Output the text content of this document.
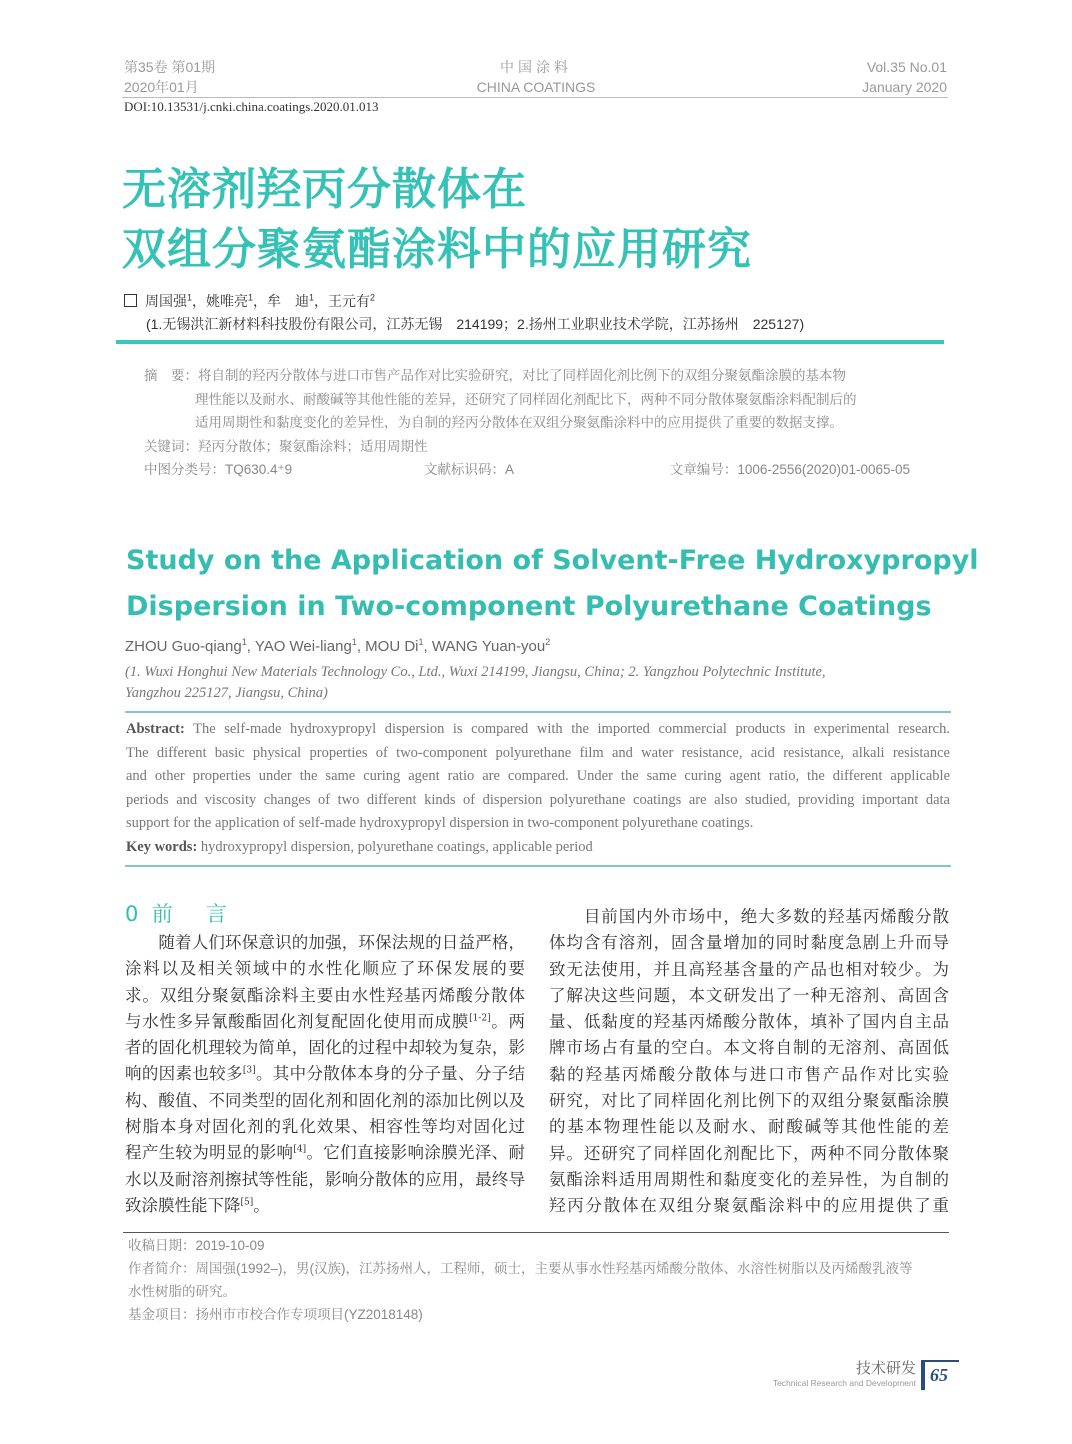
第35卷 第01期
2020年01月
中国涂料
CHINA COATINGS
Vol.35 No.01
January 2020
DOI:10.13531/j.cnki.china.coatings.2020.01.013
无溶剂羟丙分散体在
双组分聚氨酯涂料中的应用研究
周国强$^1$，姚唯亮$^1$，牟　迪$^1$，王元有$^2$
(1.无锡洪汇新材料科技股份有限公司，江苏无锡　214199；2.扬州工业职业技术学院，江苏扬州　225127)
摘　要：将自制的羟丙分散体与进口市售产品作对比实验研究，对比了同样固化剂比例下的双组分聚氨酯涂膜的基本物
理性能以及耐水、耐酸碱等其他性能的差异，还研究了同样固化剂配比下，两种不同分散体聚氨酯涂料配制后的
适用周期性和黏度变化的差异性，为自制的羟丙分散体在双组分聚氨酯涂料中的应用提供了重要的数据支撑。
关键词：羟丙分散体；聚氨酯涂料；适用周期性
中图分类号：TQ630.4⁺9	文献标识码：A	文章编号：1006-2556(2020)01-0065-05
Study on the Application of Solvent-Free Hydroxypropyl
Dispersion in Two-component Polyurethane Coatings
ZHOU Guo-qiang$^1$, YAO Wei-liang$^1$, MOU Di$^1$, WANG Yuan-you$^2$
(1. Wuxi Honghui New Materials Technology Co., Ltd., Wuxi 214199, Jiangsu, China; 2. Yangzhou Polytechnic Institute,
Yangzhou 225127, Jiangsu, China)
Abstract: The self-made hydroxypropyl dispersion is compared with the imported commercial products in experimental research.
The different basic physical properties of two-component polyurethane film and water resistance, acid resistance, alkali resistance
and other properties under the same curing agent ratio are compared. Under the same curing agent ratio, the different applicable
periods and viscosity changes of two different kinds of dispersion polyurethane coatings are also studied, providing important data
support for the application of self-made hydroxypropyl dispersion in two-component polyurethane coatings.
Key words: hydroxypropyl dispersion, polyurethane coatings, applicable period
0 前　言
　　随着人们环保意识的加强，环保法规的日益严格，
涂料以及相关领域中的水性化顺应了环保发展的要
求。双组分聚氨酯涂料主要由水性羟基丙烯酸分散体
与水性多异氰酸酯固化剂复配固化使用而成膜[1-2]。两
者的固化机理较为简单，固化的过程中却较为复杂，影
响的因素也较多[3]。其中分散体本身的分子量、分子结
构、酸值、不同类型的固化剂和固化剂的添加比例以及
树脂本身对固化剂的乳化效果、相容性等均对固化过
程产生较为明显的影响[4]。它们直接影响涂膜光泽、耐
水以及耐溶剂擦拭等性能，影响分散体的应用，最终导
致涂膜性能下降[5]。
　　目前国内外市场中，绝大多数的羟基丙烯酸分散
体均含有溶剂，固含量增加的同时黏度急剧上升而导
致无法使用，并且高羟基含量的产品也相对较少。为
了解决这些问题，本文研发出了一种无溶剂、高固含
量、低黏度的羟基丙烯酸分散体，填补了国内自主品
牌市场占有量的空白。本文将自制的无溶剂、高固低
黏的羟基丙烯酸分散体与进口市售产品作对比实验
研究，对比了同样固化剂比例下的双组分聚氨酯涂膜
的基本物理性能以及耐水、耐酸碱等其他性能的差
异。还研究了同样固化剂配比下，两种不同分散体聚
氨酯涂料适用周期性和黏度变化的差异性，为自制的
羟丙分散体在双组分聚氨酯涂料中的应用提供了重
收稿日期：2019-10-09
作者简介：周国强(1992–)，男(汉族)，江苏扬州人，工程师，硕士，主要从事水性羟基丙烯酸分散体、水溶性树脂以及丙烯酸乳液等
水性树脂的研究。
基金项目：扬州市市校合作专项项目(YZ2018148)
技术研发
Technical Research and Development 65
